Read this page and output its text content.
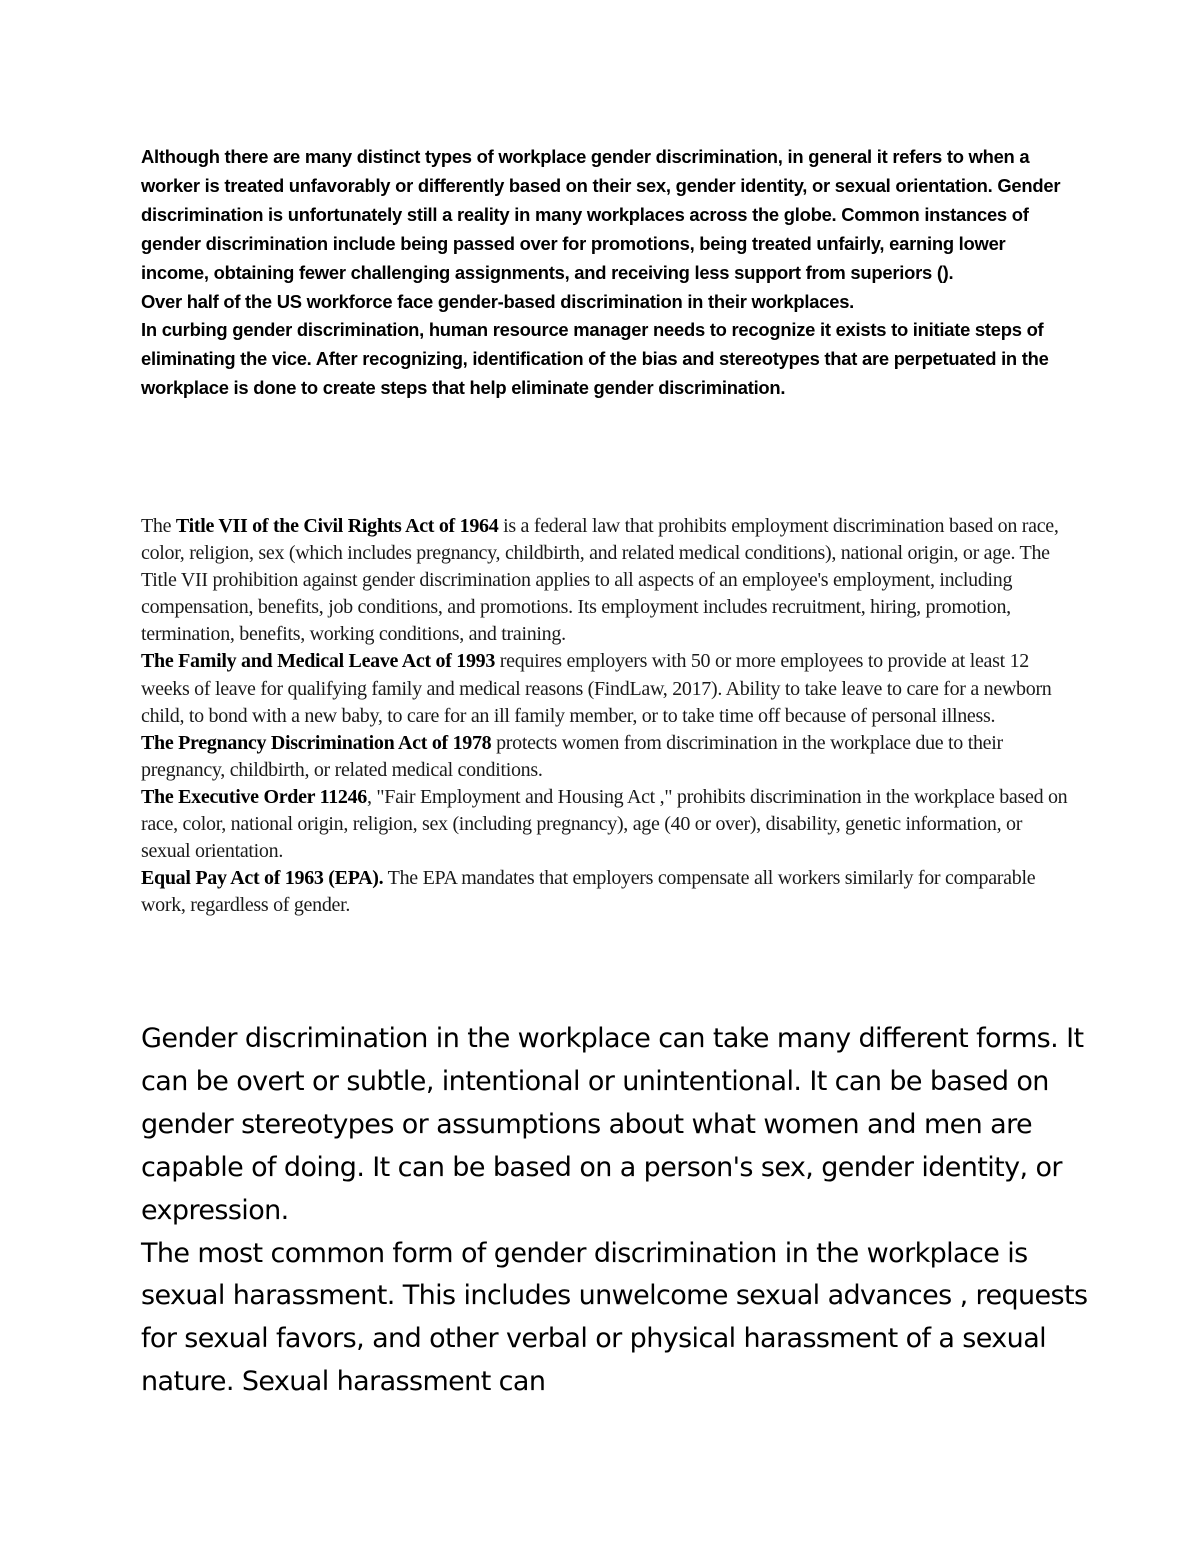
Although there are many distinct types of workplace gender discrimination, in general it refers to when a worker is treated unfavorably or differently based on their sex, gender identity, or sexual orientation. Gender discrimination is unfortunately still a reality in many workplaces across the globe. Common instances of gender discrimination include being passed over for promotions, being treated unfairly, earning lower income, obtaining fewer challenging assignments, and receiving less support from superiors ().

Over half of the US workforce face gender-based discrimination in their workplaces.

In curbing gender discrimination, human resource manager needs to recognize it exists to initiate steps of eliminating the vice. After recognizing, identification of the bias and stereotypes that are perpetuated in the workplace is done to create steps that help eliminate gender discrimination.

The Title VII of the Civil Rights Act of 1964 is a federal law that prohibits employment discrimination based on race, color, religion, sex (which includes pregnancy, childbirth, and related medical conditions), national origin, or age. The Title VII prohibition against gender discrimination applies to all aspects of an employee's employment, including compensation, benefits, job conditions, and promotions. Its employment includes recruitment, hiring, promotion, termination, benefits, working conditions, and training.

The Family and Medical Leave Act of 1993 requires employers with 50 or more employees to provide at least 12 weeks of leave for qualifying family and medical reasons (FindLaw, 2017). Ability to take leave to care for a newborn child, to bond with a new baby, to care for an ill family member, or to take time off because of personal illness.

The Pregnancy Discrimination Act of 1978 protects women from discrimination in the workplace due to their pregnancy, childbirth, or related medical conditions.

The Executive Order 11246, "Fair Employment and Housing Act ," prohibits discrimination in the workplace based on race, color, national origin, religion, sex (including pregnancy), age (40 or over), disability, genetic information, or sexual orientation.

Equal Pay Act of 1963 (EPA). The EPA mandates that employers compensate all workers similarly for comparable work, regardless of gender.

Gender discrimination in the workplace can take many different forms. It can be overt or subtle, intentional or unintentional. It can be based on gender stereotypes or assumptions about what women and men are capable of doing. It can be based on a person's sex, gender identity, or expression.

The most common form of gender discrimination in the workplace is sexual harassment. This includes unwelcome sexual advances , requests for sexual favors, and other verbal or physical harassment of a sexual nature. Sexual harassment can
